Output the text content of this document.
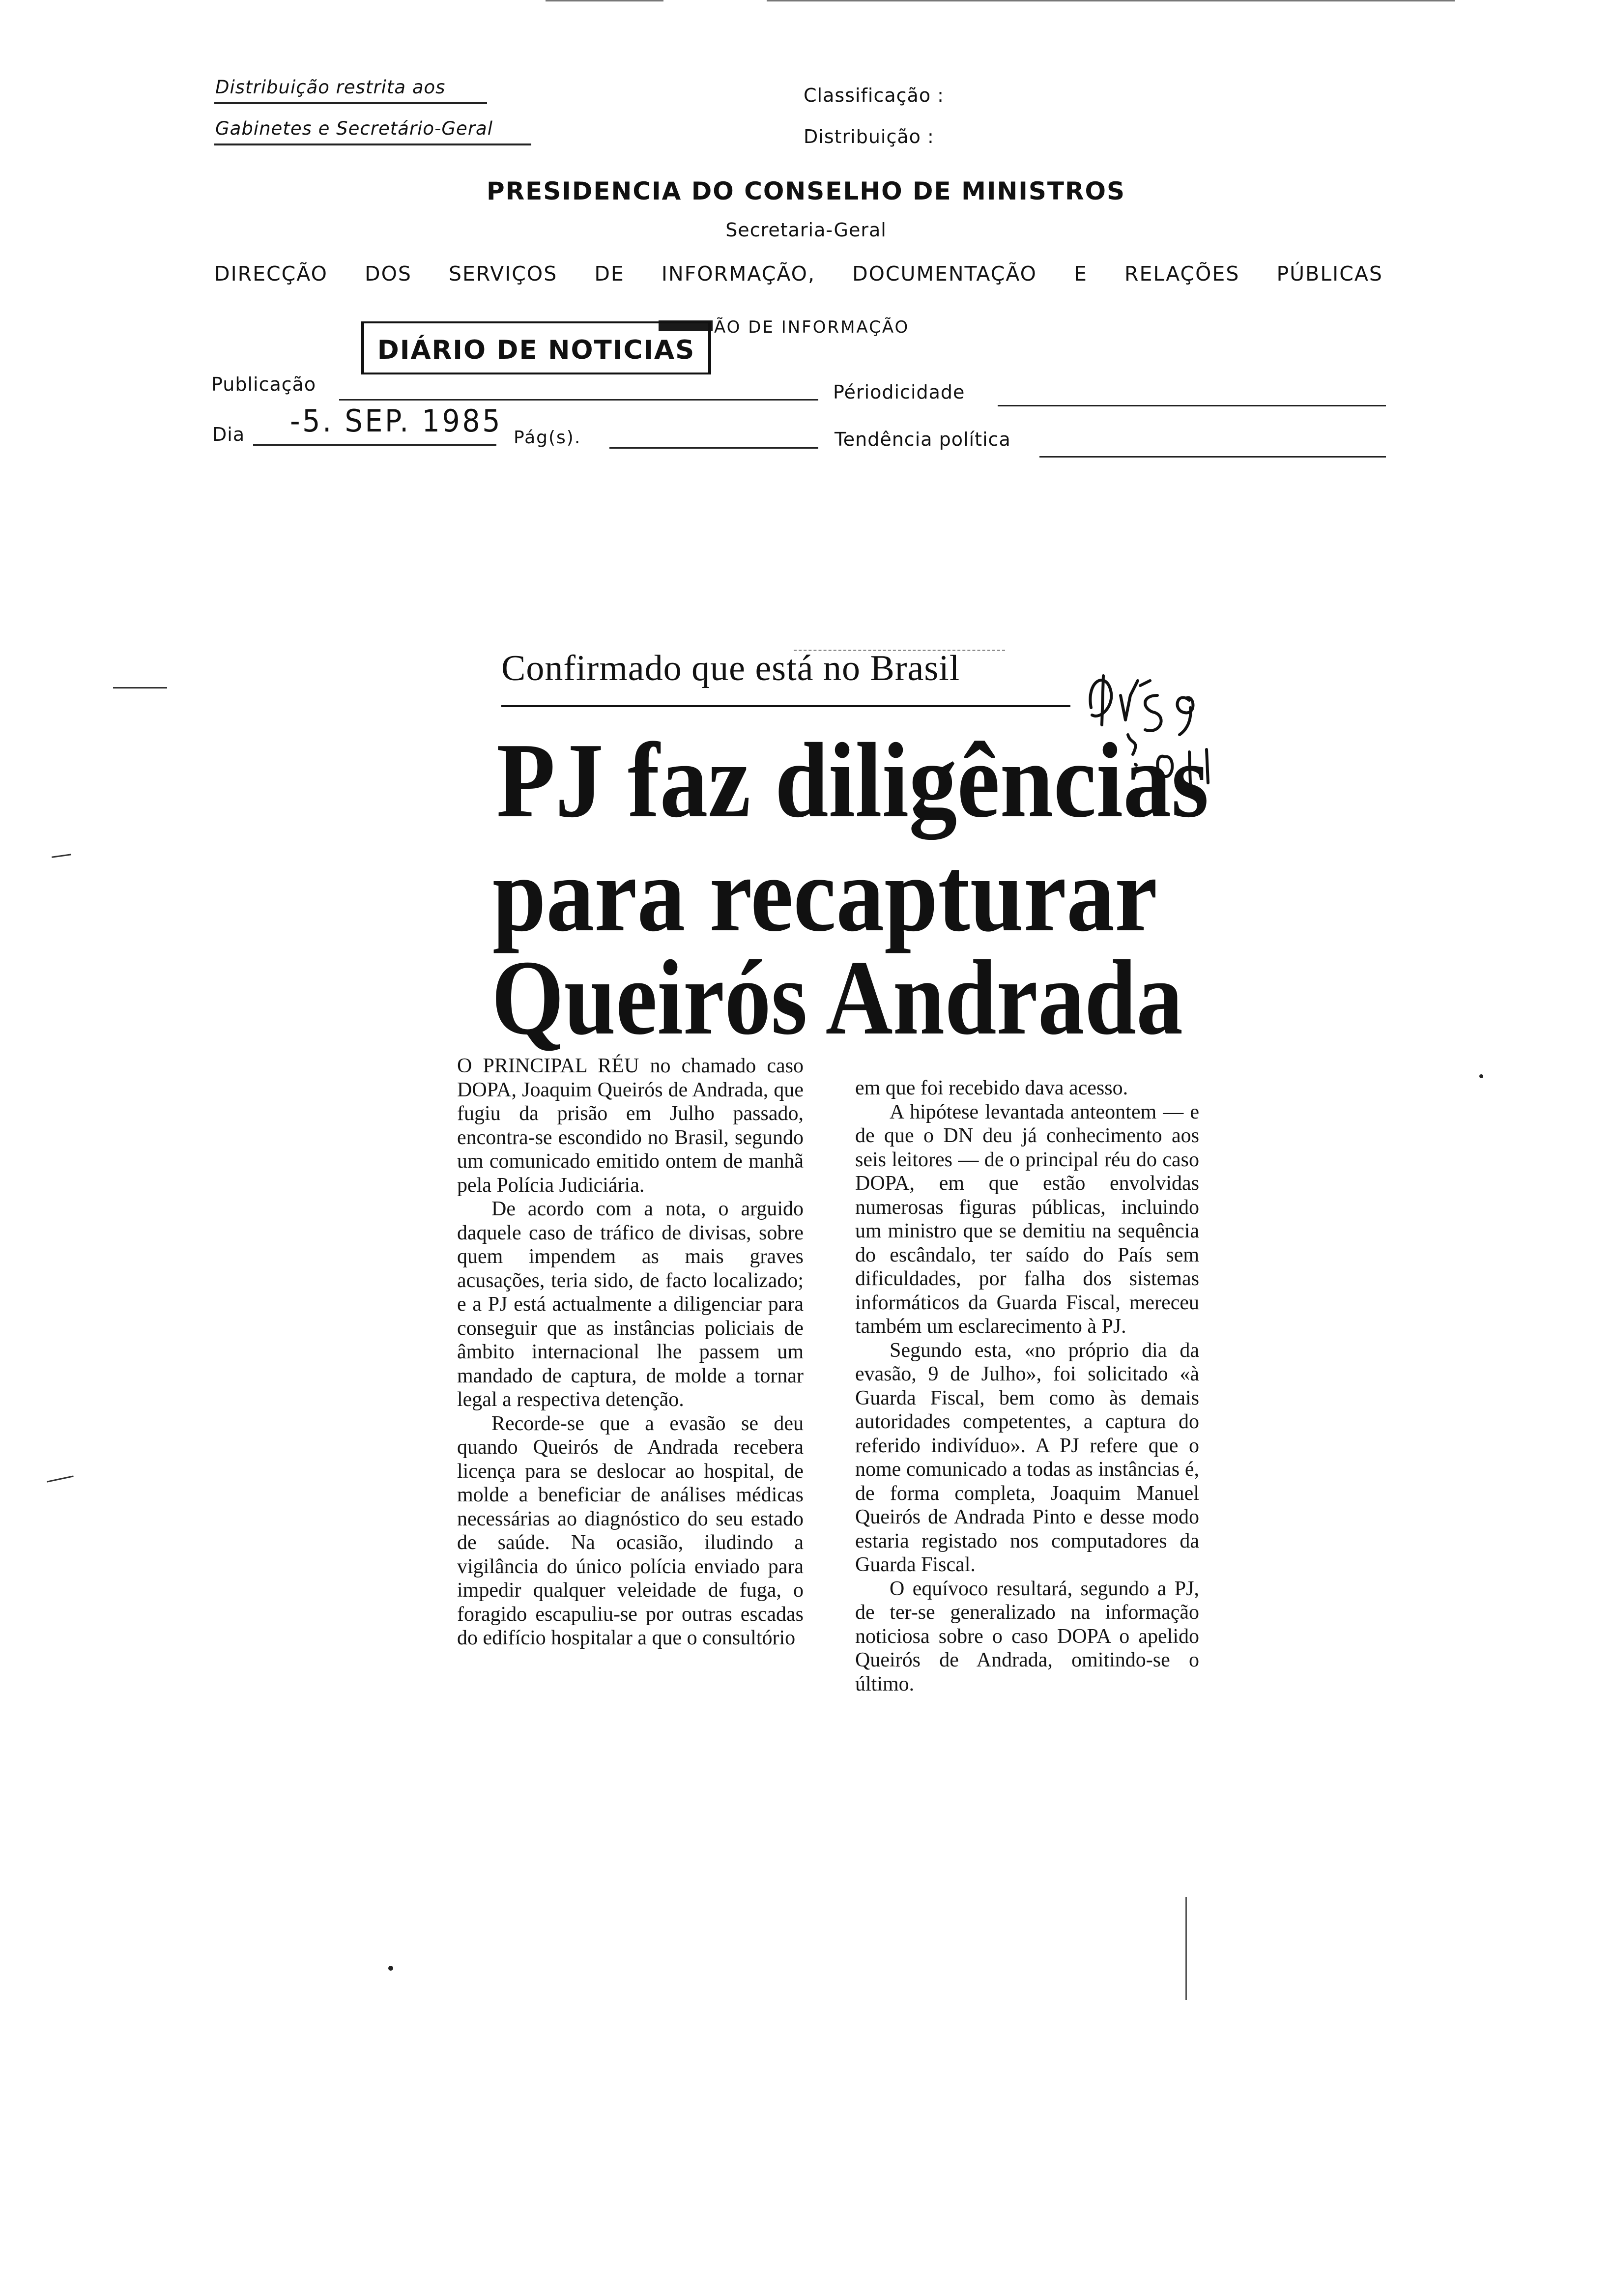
Distribuição restrita aos
Gabinetes e Secretário-Geral
Classificação :
Distribuição :
PRESIDENCIA DO CONSELHO DE MINISTROS
Secretaria-Geral
DIRECÇÃO DOS SERVIÇOS DE INFORMAÇÃO, DOCUMENTAÇÃO E RELAÇÕES PÚBLICAS
ÃO DE INFORMAÇÃO
DIÁRIO DE NOTICIAS
Publicação	Périodicidade
Dia -5. SEP. 1985 Pág(s).	Tendência política
Confirmado que está no Brasil
PJ faz diligências
para recapturar
Queirós Andrada

O PRINCIPAL RÉU no chamado caso DOPA, Joaquim Queirós de Andrada, que fugiu da prisão em Julho passado, encontra-se escondido no Brasil, segundo um comunicado emitido ontem de manhã pela Polícia Judiciária.

De acordo com a nota, o arguido daquele caso de tráfico de divisas, sobre quem impendem as mais graves acusações, teria sido, de facto localizado; e a PJ está actualmente a diligenciar para conseguir que as instâncias policiais de âmbito internacional lhe passem um mandado de captura, de molde a tornar legal a respectiva detenção.

Recorde-se que a evasão se deu quando Queirós de Andrada recebera licença para se deslocar ao hospital, de molde a beneficiar de análises médicas necessárias ao diagnóstico do seu estado de saúde. Na ocasião, iludindo a vigilância do único polícia enviado para impedir qualquer veleidade de fuga, o foragido escapuliu-se por outras escadas do edifício hospitalar a que o consultório

em que foi recebido dava acesso.

A hipótese levantada anteontem — e de que o DN deu já conhecimento aos seis leitores — de o principal réu do caso DOPA, em que estão envolvidas numerosas figuras públicas, incluindo um ministro que se demitiu na sequência do escândalo, ter saído do País sem dificuldades, por falha dos sistemas informáticos da Guarda Fiscal, mereceu também um esclarecimento à PJ.

Segundo esta, «no próprio dia da evasão, 9 de Julho», foi solicitado «à Guarda Fiscal, bem como às demais autoridades competentes, a captura do referido indivíduo». A PJ refere que o nome comunicado a todas as instâncias é, de forma completa, Joaquim Manuel Queirós de Andrada Pinto e desse modo estaria registado nos computadores da Guarda Fiscal.

O equívoco resultará, segundo a PJ, de ter-se generalizado na informação noticiosa sobre o caso DOPA o apelido Queirós de Andrada, omitindo-se o último.
